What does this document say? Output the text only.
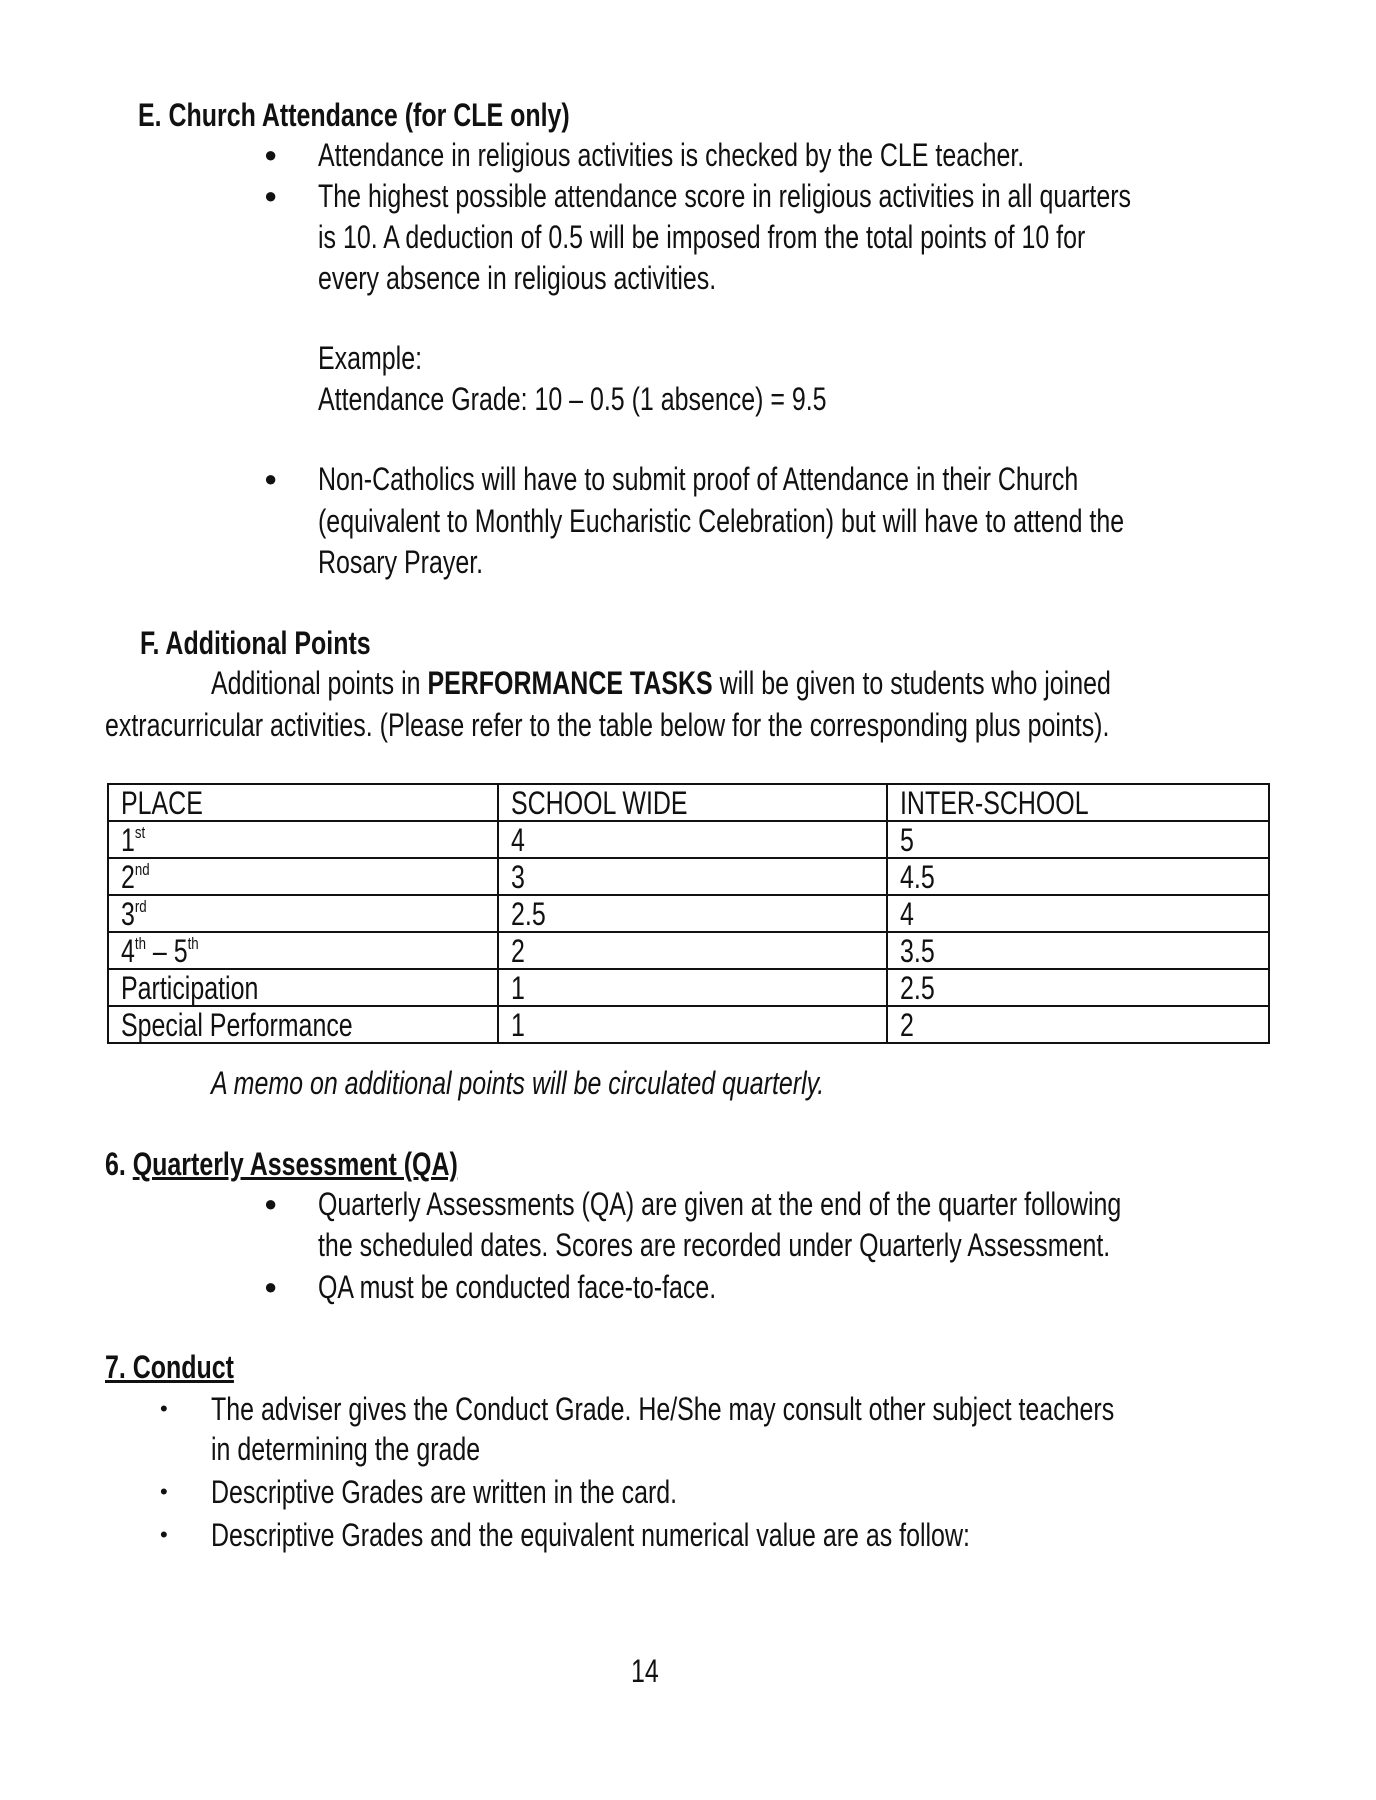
E. Church Attendance (for CLE only)
● Attendance in religious activities is checked by the CLE teacher.
● The highest possible attendance score in religious activities in all quarters
is 10. A deduction of 0.5 will be imposed from the total points of 10 for
every absence in religious activities.
Example:
Attendance Grade: 10 – 0.5 (1 absence) = 9.5
● Non-Catholics will have to submit proof of Attendance in their Church
(equivalent to Monthly Eucharistic Celebration) but will have to attend the
Rosary Prayer.
F. Additional Points
Additional points in PERFORMANCE TASKS will be given to students who joined
extracurricular activities. (Please refer to the table below for the corresponding plus points).
PLACE	SCHOOL WIDE	INTER-SCHOOL
1st	4	5
2nd	3	4.5
3rd	2.5	4
4th – 5th	2	3.5
Participation	1	2.5
Special Performance	1	2
A memo on additional points will be circulated quarterly.
6. Quarterly Assessment (QA)
● Quarterly Assessments (QA) are given at the end of the quarter following
the scheduled dates. Scores are recorded under Quarterly Assessment.
● QA must be conducted face-to-face.
7. Conduct
• The adviser gives the Conduct Grade. He/She may consult other subject teachers
in determining the grade
• Descriptive Grades are written in the card.
• Descriptive Grades and the equivalent numerical value are as follow:
14
